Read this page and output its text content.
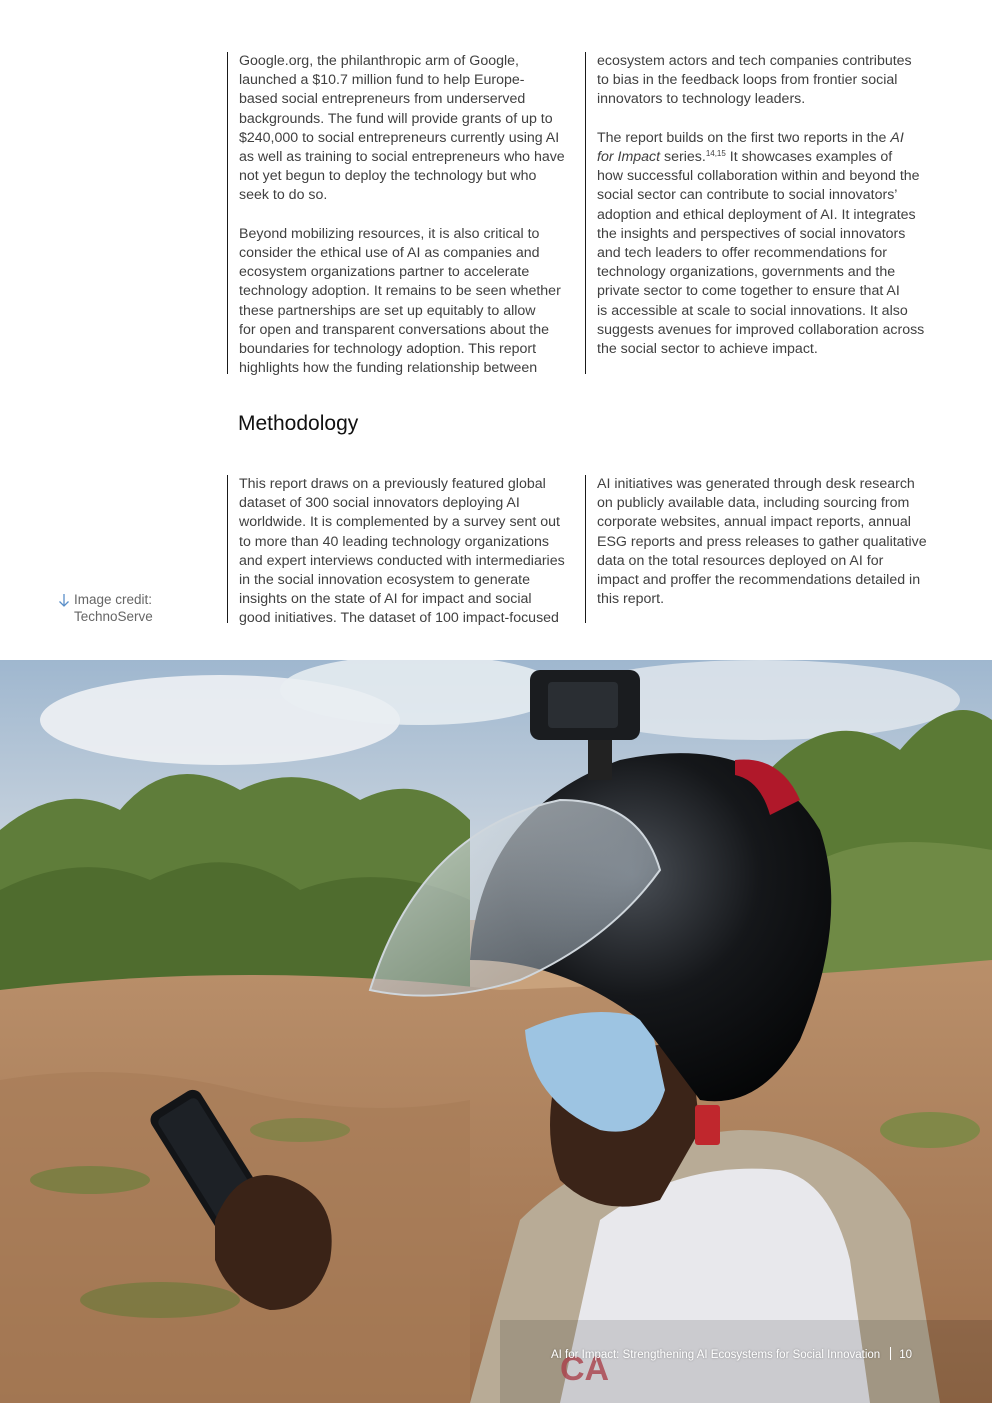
Google.org, the philanthropic arm of Google,
launched a $10.7 million fund to help Europe-
based social entrepreneurs from underserved
backgrounds. The fund will provide grants of up to
$240,000 to social entrepreneurs currently using AI
as well as training to social entrepreneurs who have
not yet begun to deploy the technology but who
seek to do so.

Beyond mobilizing resources, it is also critical to
consider the ethical use of AI as companies and
ecosystem organizations partner to accelerate
technology adoption. It remains to be seen whether
these partnerships are set up equitably to allow
for open and transparent conversations about the
boundaries for technology adoption. This report
highlights how the funding relationship between

ecosystem actors and tech companies contributes
to bias in the feedback loops from frontier social
innovators to technology leaders.

The report builds on the first two reports in the AI
for Impact series.$^{14,15}$ It showcases examples of
how successful collaboration within and beyond the
social sector can contribute to social innovators’
adoption and ethical deployment of AI. It integrates
the insights and perspectives of social innovators
and tech leaders to offer recommendations for
technology organizations, governments and the
private sector to come together to ensure that AI
is accessible at scale to social innovations. It also
suggests avenues for improved collaboration across
the social sector to achieve impact.

Methodology

This report draws on a previously featured global
dataset of 300 social innovators deploying AI
worldwide. It is complemented by a survey sent out
to more than 40 leading technology organizations
and expert interviews conducted with intermediaries
in the social innovation ecosystem to generate
insights on the state of AI for impact and social
good initiatives. The dataset of 100 impact-focused

AI initiatives was generated through desk research
on publicly available data, including sourcing from
corporate websites, annual impact reports, annual
ESG reports and press releases to gather qualitative
data on the total resources deployed on AI for
impact and proffer the recommendations detailed in
this report.

Image credit:
TechnoServe
CA
AI for Impact: Strengthening AI Ecosystems for Social Innovation 10
